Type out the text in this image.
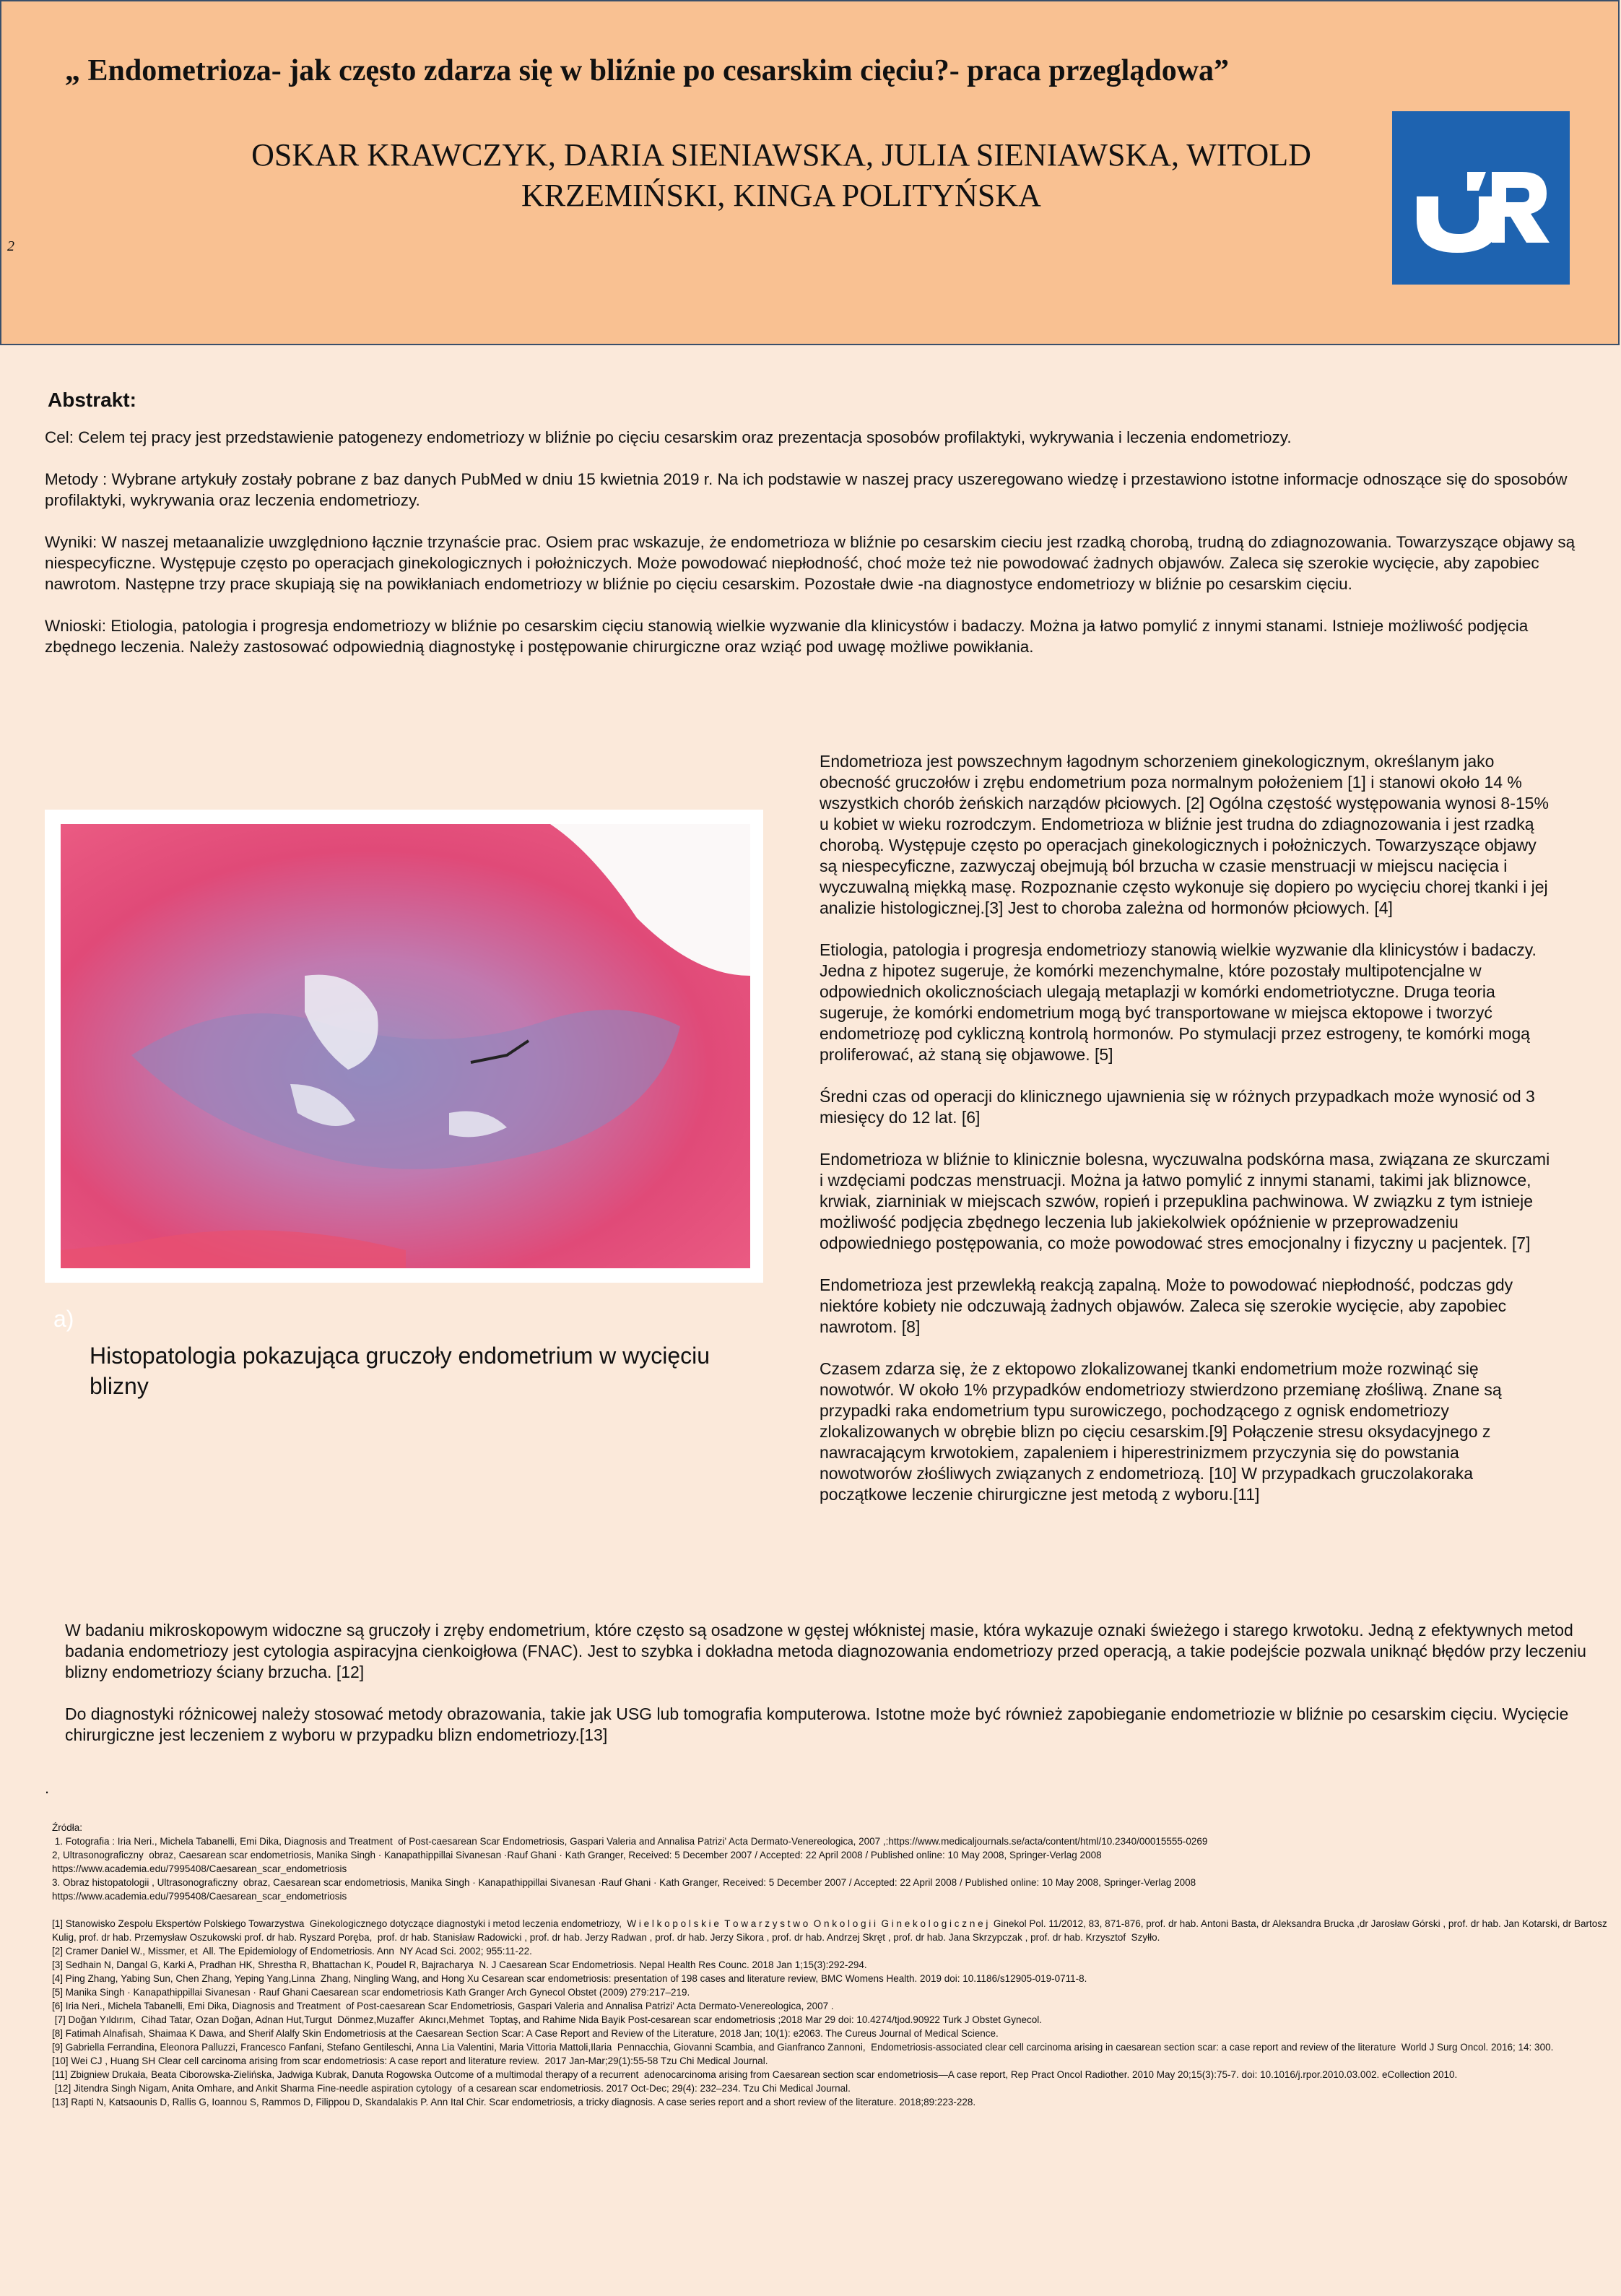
„ Endometrioza- jak często zdarza się w bliźnie po cesarskim cięciu?- praca przeglądowa”
OSKAR KRAWCZYK, DARIA SIENIAWSKA, JULIA SIENIAWSKA, WITOLD KRZEMIŃSKI, KINGA POLITYŃSKA
2
Abstrakt:

Cel: Celem tej pracy jest przedstawienie patogenezy endometriozy w bliźnie po cięciu cesarskim oraz prezentacja sposobów profilaktyki, wykrywania i leczenia endometriozy.

Metody : Wybrane artykuły zostały pobrane z baz danych PubMed w dniu 15 kwietnia 2019 r. Na ich podstawie w naszej pracy uszeregowano wiedzę i przestawiono istotne informacje odnoszące się do sposobów profilaktyki, wykrywania oraz leczenia endometriozy.

Wyniki: W naszej metaanalizie uwzględniono łącznie trzynaście prac. Osiem prac wskazuje, że endometrioza w bliźnie po cesarskim cieciu jest rzadką chorobą, trudną do zdiagnozowania. Towarzyszące objawy są niespecyficzne. Występuje często po operacjach ginekologicznych i położniczych. Może powodować niepłodność, choć może też nie powodować żadnych objawów. Zaleca się szerokie wycięcie, aby zapobiec nawrotom. Następne trzy prace skupiają się na powikłaniach endometriozy w bliźnie po cięciu cesarskim. Pozostałe dwie -na diagnostyce endometriozy w bliźnie po cesarskim cięciu.

Wnioski: Etiologia, patologia i progresja endometriozy w bliźnie po cesarskim cięciu stanowią wielkie wyzwanie dla klinicystów i badaczy. Można ja łatwo pomylić z innymi stanami. Istnieje możliwość podjęcia zbędnego leczenia. Należy zastosować odpowiednią diagnostykę i postępowanie chirurgiczne oraz wziąć pod uwagę możliwe powikłania.

a)
Histopatologia pokazująca gruczoły endometrium w wycięciu blizny

Endometrioza jest powszechnym łagodnym schorzeniem ginekologicznym, określanym jako obecność gruczołów i zrębu endometrium poza normalnym położeniem [1] i stanowi około 14 % wszystkich chorób żeńskich narządów płciowych. [2] Ogólna częstość występowania wynosi 8-15% u kobiet w wieku rozrodczym. Endometrioza w bliźnie jest trudna do zdiagnozowania i jest rzadką chorobą. Występuje często po operacjach ginekologicznych i położniczych. Towarzyszące objawy są niespecyficzne, zazwyczaj obejmują ból brzucha w czasie menstruacji w miejscu nacięcia i wyczuwalną miękką masę. Rozpoznanie często wykonuje się dopiero po wycięciu chorej tkanki i jej analizie histologicznej.[3] Jest to choroba zależna od hormonów płciowych. [4]

Etiologia, patologia i progresja endometriozy stanowią wielkie wyzwanie dla klinicystów i badaczy. Jedna z hipotez sugeruje, że komórki mezenchymalne, które pozostały multipotencjalne w odpowiednich okolicznościach ulegają metaplazji w komórki endometriotyczne. Druga teoria sugeruje, że komórki endometrium mogą być transportowane w miejsca ektopowe i tworzyć endometriozę pod cykliczną kontrolą hormonów. Po stymulacji przez estrogeny, te komórki mogą proliferować, aż staną się objawowe. [5]

Średni czas od operacji do klinicznego ujawnienia się w różnych przypadkach może wynosić od 3 miesięcy do 12 lat. [6]

Endometrioza w bliźnie to klinicznie bolesna, wyczuwalna podskórna masa, związana ze skurczami i wzdęciami podczas menstruacji. Można ja łatwo pomylić z innymi stanami, takimi jak bliznowce, krwiak, ziarniniak w miejscach szwów, ropień i przepuklina pachwinowa. W związku z tym istnieje możliwość podjęcia zbędnego leczenia lub jakiekolwiek opóźnienie w przeprowadzeniu odpowiedniego postępowania, co może powodować stres emocjonalny i fizyczny u pacjentek. [7]

Endometrioza jest przewlekłą reakcją zapalną. Może to powodować niepłodność, podczas gdy niektóre kobiety nie odczuwają żadnych objawów. Zaleca się szerokie wycięcie, aby zapobiec nawrotom. [8]

Czasem zdarza się, że z ektopowo zlokalizowanej tkanki endometrium może rozwinąć się nowotwór. W około 1% przypadków endometriozy stwierdzono przemianę złośliwą. Znane są przypadki raka endometrium typu surowiczego, pochodzącego z ognisk endometriozy zlokalizowanych w obrębie blizn po cięciu cesarskim.[9] Połączenie stresu oksydacyjnego z nawracającym krwotokiem, zapaleniem i hiperestrinizmem przyczynia się do powstania nowotworów złośliwych związanych z endometriozą. [10] W przypadkach gruczolakoraka początkowe leczenie chirurgiczne jest metodą z wyboru.[11]

W badaniu mikroskopowym widoczne są gruczoły i zręby endometrium, które często są osadzone w gęstej włóknistej masie, która wykazuje oznaki świeżego i starego krwotoku. Jedną z efektywnych metod badania endometriozy jest cytologia aspiracyjna cienkoigłowa (FNAC). Jest to szybka i dokładna metoda diagnozowania endometriozy przed operacją, a takie podejście pozwala uniknąć błędów przy leczeniu blizny endometriozy ściany brzucha. [12]

Do diagnostyki różnicowej należy stosować metody obrazowania, takie jak USG lub tomografia komputerowa. Istotne może być również zapobieganie endometriozie w bliźnie po cesarskim cięciu. Wycięcie chirurgiczne jest leczeniem z wyboru w przypadku blizn endometriozy.[13]

.
Źródła:
1. Fotografia : Iria Neri., Michela Tabanelli, Emi Dika, Diagnosis and Treatment  of Post-caesarean Scar Endometriosis, Gaspari Valeria and Annalisa Patrizi' Acta Dermato-Venereologica, 2007 ,:https://www.medicaljournals.se/acta/content/html/10.2340/00015555-0269
2, Ultrasonograficzny  obraz, Caesarean scar endometriosis, Manika Singh · Kanapathippillai Sivanesan ·Rauf Ghani · Kath Granger, Received: 5 December 2007 / Accepted: 22 April 2008 / Published online: 10 May 2008, Springer-Verlag 2008
https://www.academia.edu/7995408/Caesarean_scar_endometriosis
3. Obraz histopatologii , Ultrasonograficzny  obraz, Caesarean scar endometriosis, Manika Singh · Kanapathippillai Sivanesan ·Rauf Ghani · Kath Granger, Received: 5 December 2007 / Accepted: 22 April 2008 / Published online: 10 May 2008, Springer-Verlag 2008
https://www.academia.edu/7995408/Caesarean_scar_endometriosis
[1] Stanowisko Zespołu Ekspertów Polskiego Towarzystwa  Ginekologicznego dotyczące diagnostyki i metod leczenia endometriozy,  W i e l k o p o l s k i e  T o w a r z y s t w o  O n k o l o g i i  G i n e k o l o g i c z n e j  Ginekol Pol. 11/2012, 83, 871-876, prof. dr hab. Antoni Basta, dr Aleksandra Brucka ,dr Jarosław Górski , prof. dr hab. Jan Kotarski, dr Bartosz Kulig, prof. dr hab. Przemysław Oszukowski prof. dr hab. Ryszard Poręba,  prof. dr hab. Stanisław Radowicki , prof. dr hab. Jerzy Radwan , prof. dr hab. Jerzy Sikora , prof. dr hab. Andrzej Skręt , prof. dr hab. Jana Skrzypczak , prof. dr hab. Krzysztof  Szyłło.
[2] Cramer Daniel W., Missmer, et  All. The Epidemiology of Endometriosis. Ann  NY Acad Sci. 2002; 955:11-22.
[3] Sedhain N, Dangal G, Karki A, Pradhan HK, Shrestha R, Bhattachan K, Poudel R, Bajracharya  N. J Caesarean Scar Endometriosis. Nepal Health Res Counc. 2018 Jan 1;15(3):292-294.
[4] Ping Zhang, Yabing Sun, Chen Zhang, Yeping Yang,Linna  Zhang, Ningling Wang, and Hong Xu Cesarean scar endometriosis: presentation of 198 cases and literature review, BMC Womens Health. 2019 doi: 10.1186/s12905-019-0711-8.
[5] Manika Singh · Kanapathippillai Sivanesan · Rauf Ghani Caesarean scar endometriosis Kath Granger Arch Gynecol Obstet (2009) 279:217–219.
[6] Iria Neri., Michela Tabanelli, Emi Dika, Diagnosis and Treatment  of Post-caesarean Scar Endometriosis, Gaspari Valeria and Annalisa Patrizi' Acta Dermato-Venereologica, 2007 .
[7] Doğan Yıldırım,  Cihad Tatar, Ozan Doğan, Adnan Hut,Turgut  Dönmez,Muzaffer  Akıncı,Mehmet  Toptaş, and Rahime Nida Bayik Post-cesarean scar endometriosis ;2018 Mar 29 doi: 10.4274/tjod.90922 Turk J Obstet Gynecol.
[8] Fatimah Alnafisah, Shaimaa K Dawa, and Sherif Alalfy Skin Endometriosis at the Caesarean Section Scar: A Case Report and Review of the Literature, 2018 Jan; 10(1): e2063. The Cureus Journal of Medical Science.
[9] Gabriella Ferrandina, Eleonora Palluzzi, Francesco Fanfani, Stefano Gentileschi, Anna Lia Valentini, Maria Vittoria Mattoli,Ilaria  Pennacchia, Giovanni Scambia, and Gianfranco Zannoni,  Endometriosis-associated clear cell carcinoma arising in caesarean section scar: a case report and review of the literature  World J Surg Oncol. 2016; 14: 300.
[10] Wei CJ , Huang SH Clear cell carcinoma arising from scar endometriosis: A case report and literature review.  2017 Jan-Mar;29(1):55-58 Tzu Chi Medical Journal.
[11] Zbigniew Drukała, Beata Ciborowska-Zielińska, Jadwiga Kubrak, Danuta Rogowska Outcome of a multimodal therapy of a recurrent  adenocarcinoma arising from Caesarean section scar endometriosis—A case report, Rep Pract Oncol Radiother. 2010 May 20;15(3):75-7. doi: 10.1016/j.rpor.2010.03.002. eCollection 2010.
[12] Jitendra Singh Nigam, Anita Omhare, and Ankit Sharma Fine-needle aspiration cytology  of a cesarean scar endometriosis. 2017 Oct-Dec; 29(4): 232–234. Tzu Chi Medical Journal.
[13] Rapti N, Katsaounis D, Rallis G, Ioannou S, Rammos D, Filippou D, Skandalakis P. Ann Ital Chir. Scar endometriosis, a tricky diagnosis. A case series report and a short review of the literature. 2018;89:223-228.
